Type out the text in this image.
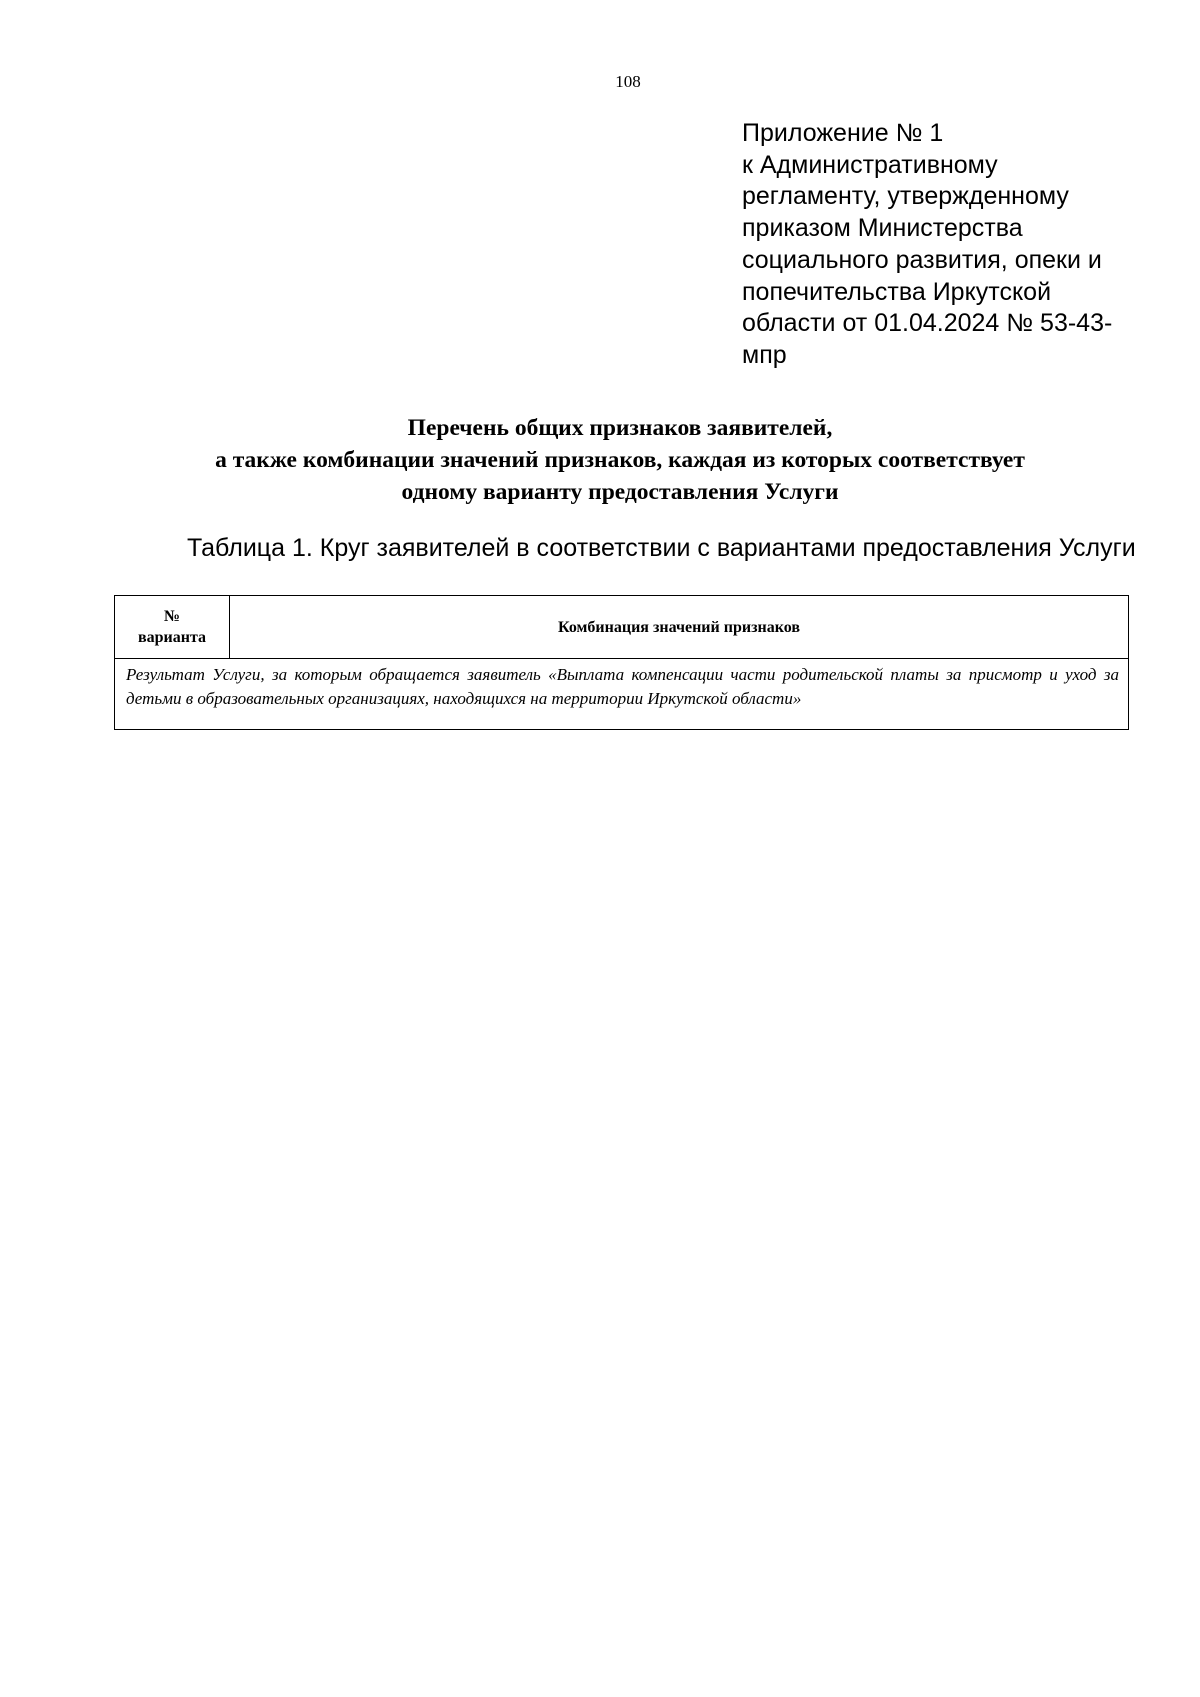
108
Приложение № 1
к Административному
регламенту, утвержденному
приказом Министерства
социального развития, опеки и
попечительства Иркутской
области от 01.04.2024 № 53-43-
мпр
Перечень общих признаков заявителей,
а также комбинации значений признаков, каждая из которых соответствует
одному варианту предоставления Услуги
Таблица 1. Круг заявителей в соответствии с вариантами предоставления Услуги
№
варианта	Комбинация значений признаков
Результат Услуги, за которым обращается заявитель «Выплата компенсации части родительской платы за присмотр и уход за детьми в образовательных организациях, находящихся на территории Иркутской области»
